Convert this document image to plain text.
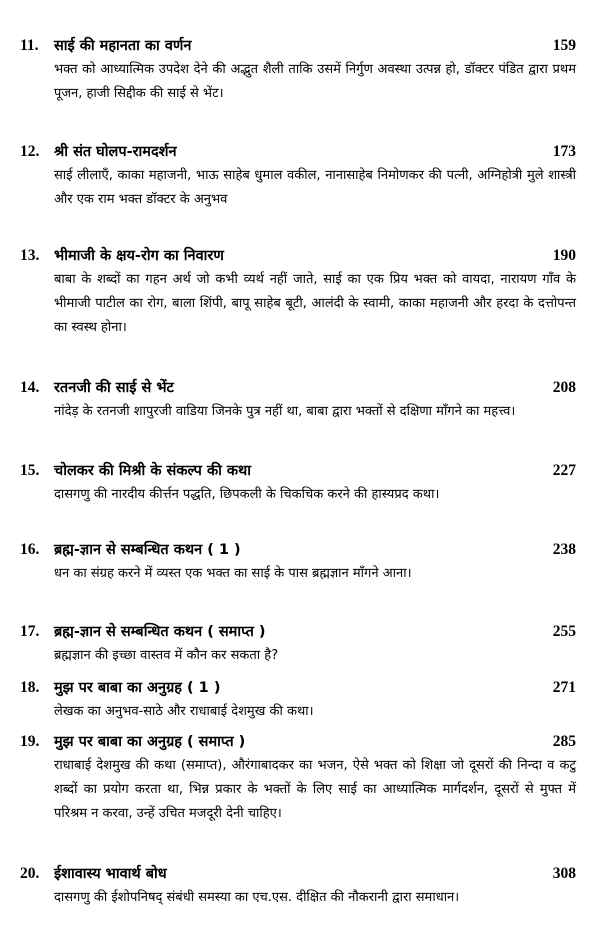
11. साई की महानता का वर्णन	159
भक्त को आध्यात्मिक उपदेश देने की अद्भुत शैली ताकि उसमें निर्गुण अवस्था उत्पन्न हो, डॉक्टर पंडित द्वारा प्रथम पूजन, हाजी सिद्दीक की साई से भेंट।
12. श्री संत घोलप-रामदर्शन	173
साई लीलाएँ, काका महाजनी, भाऊ साहेब धुमाल वकील, नानासाहेब निमोणकर की पत्नी, अग्निहोत्री मुले शास्त्री और एक राम भक्त डॉक्टर के अनुभव
13. भीमाजी के क्षय-रोग का निवारण	190
बाबा के शब्दों का गहन अर्थ जो कभी व्यर्थ नहीं जाते, साई का एक प्रिय भक्त को वायदा, नारायण गाँव के भीमाजी पाटील का रोग, बाला शिंपी, बापू साहेब बूटी, आलंदी के स्वामी, काका महाजनी और हरदा के दत्तोपन्त का स्वस्थ होना।
14. रतनजी की साई से भेंट	208
नांदेड़ के रतनजी शापुरजी वाडिया जिनके पुत्र नहीं था, बाबा द्वारा भक्तों से दक्षिणा माँगने का महत्त्व।
15. चोलकर की मिश्री के संकल्प की कथा	227
दासगणु की नारदीय कीर्त्तन पद्धति, छिपकली के चिकचिक करने की हास्यप्रद कथा।
16. ब्रह्म-ज्ञान से सम्बन्धित कथन ( 1 )	238
धन का संग्रह करने में व्यस्त एक भक्त का साई के पास ब्रह्मज्ञान माँगने आना।
17. ब्रह्म-ज्ञान से सम्बन्धित कथन ( समाप्त )	255
ब्रह्मज्ञान की इच्छा वास्तव में कौन कर सकता है?
18. मुझ पर बाबा का अनुग्रह ( 1 )	271
लेखक का अनुभव-साठे और राधाबाई देशमुख की कथा।
19. मुझ पर बाबा का अनुग्रह ( समाप्त )	285
राधाबाई देशमुख की कथा (समाप्त), औरंगाबादकर का भजन, ऐसे भक्त को शिक्षा जो दूसरों की निन्दा व कटु शब्दों का प्रयोग करता था, भिन्न प्रकार के भक्तों के लिए साई का आध्यात्मिक मार्गदर्शन, दूसरों से मुफ्त में परिश्रम न करवा, उन्हें उचित मजदूरी देनी चाहिए।
20. ईशावास्य भावार्थ बोध	308
दासगणु की ईशोपनिषद् संबंधी समस्या का एच.एस. दीक्षित की नौकरानी द्वारा समाधान।
